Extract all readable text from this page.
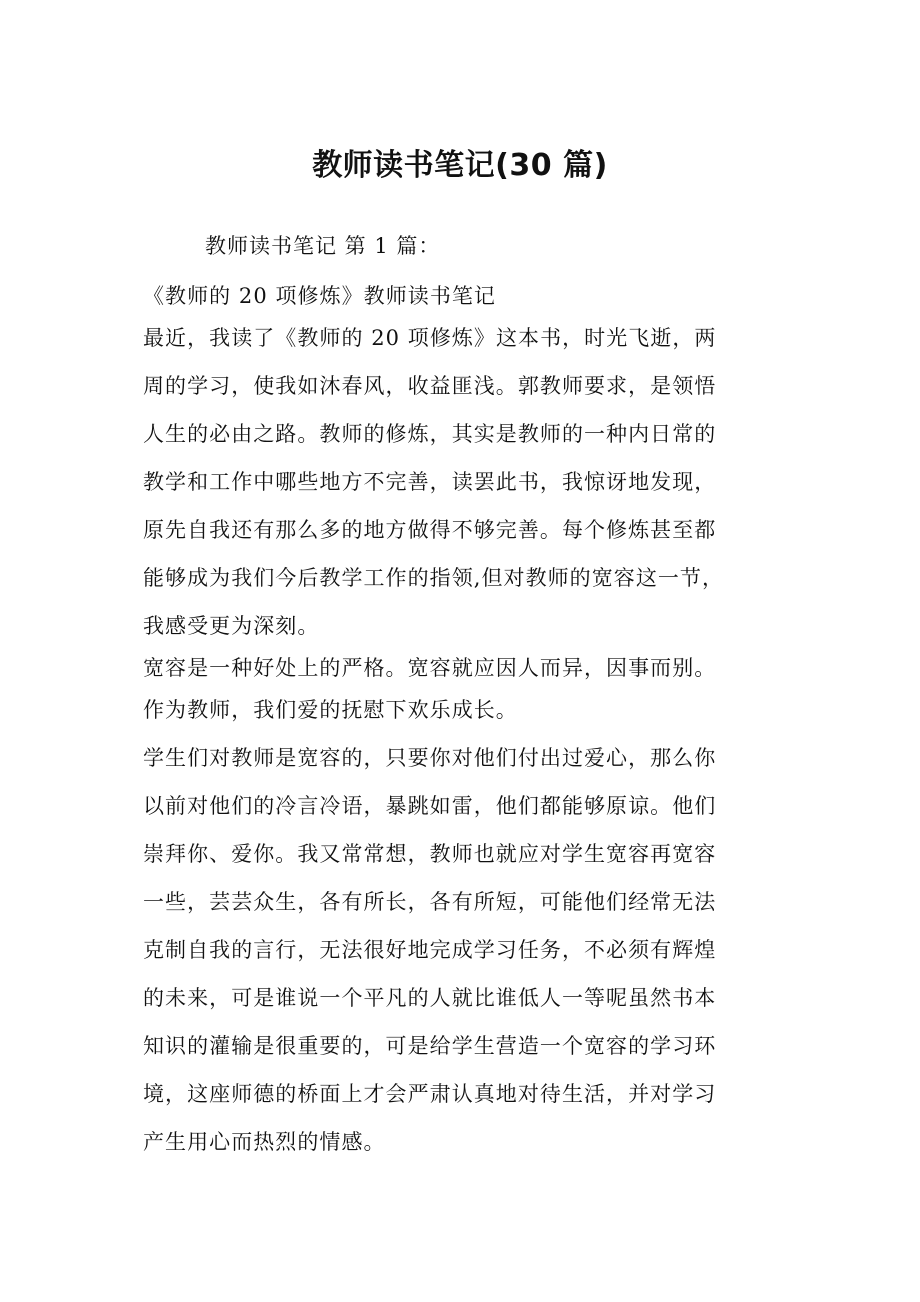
教师读书笔记(30 篇)

教师读书笔记 第 1 篇：

《教师的 20 项修炼》教师读书笔记
最近，我读了《教师的 20 项修炼》这本书，时光飞逝，两
周的学习，使我如沐春风，收益匪浅。郭教师要求，是领悟
人生的必由之路。教师的修炼，其实是教师的一种内日常的
教学和工作中哪些地方不完善，读罢此书，我惊讶地发现，
原先自我还有那么多的地方做得不够完善。每个修炼甚至都
能够成为我们今后教学工作的指领,但对教师的宽容这一节，
我感受更为深刻。
宽容是一种好处上的严格。宽容就应因人而异，因事而别。
作为教师，我们爱的抚慰下欢乐成长。
学生们对教师是宽容的，只要你对他们付出过爱心，那么你
以前对他们的冷言冷语，暴跳如雷，他们都能够原谅。他们
崇拜你、爱你。我又常常想，教师也就应对学生宽容再宽容
一些，芸芸众生，各有所长，各有所短，可能他们经常无法
克制自我的言行，无法很好地完成学习任务，不必须有辉煌
的未来，可是谁说一个平凡的人就比谁低人一等呢虽然书本
知识的灌输是很重要的，可是给学生营造一个宽容的学习环
境，这座师德的桥面上才会严肃认真地对待生活，并对学习
产生用心而热烈的情感。
